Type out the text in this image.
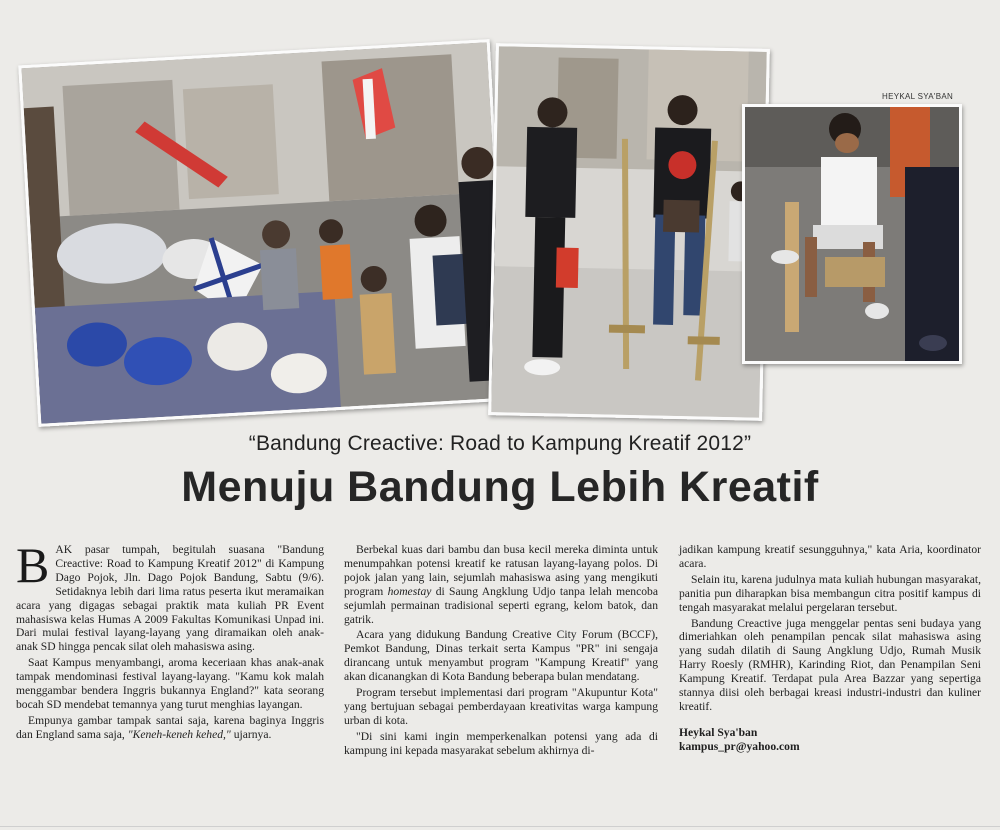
HEYKAL SYA'BAN
“Bandung Creactive: Road to Kampung Kreatif 2012”
Menuju Bandung Lebih Kreatif

BAK pasar tumpah, begitulah suasana "Bandung Creactive: Road to Kampung Kreatif 2012" di Kampung Dago Pojok, Jln. Dago Pojok Bandung, Sabtu (9/6). Setidaknya lebih dari lima ratus peserta ikut meramaikan acara yang digagas sebagai praktik mata kuliah PR Event mahasiswa kelas Humas A 2009 Fakultas Komunikasi Unpad ini. Dari mulai festival layang-layang yang diramaikan oleh anak-anak SD hingga pencak silat oleh mahasiswa asing.

Saat Kampus menyambangi, aroma keceriaan khas anak-anak tampak mendominasi festival layang-layang. "Kamu kok malah menggambar bendera Inggris bukannya England?" kata seorang bocah SD mendebat temannya yang turut menghias layangan.

Empunya gambar tampak santai saja, karena baginya Inggris dan England sama saja, "Keneh-keneh kehed," ujarnya.

Berbekal kuas dari bambu dan busa kecil mereka diminta untuk menumpahkan potensi kreatif ke ratusan layang-layang polos. Di pojok jalan yang lain, sejumlah mahasiswa asing yang mengikuti program homestay di Saung Angklung Udjo tanpa lelah mencoba sejumlah permainan tradisional seperti egrang, kelom batok, dan gatrik.

Acara yang didukung Bandung Creative City Forum (BCCF), Pemkot Bandung, Dinas terkait serta Kampus "PR" ini sengaja dirancang untuk menyambut program "Kampung Kreatif" yang akan dicanangkan di Kota Bandung beberapa bulan mendatang.

Program tersebut implementasi dari program "Akupuntur Kota" yang bertujuan sebagai pemberdayaan kreativitas warga kampung urban di kota.

"Di sini kami ingin memperkenalkan potensi yang ada di kampung ini kepada masyarakat sebelum akhirnya di-

jadikan kampung kreatif sesungguhnya," kata Aria, koordinator acara.

Selain itu, karena judulnya mata kuliah hubungan masyarakat, panitia pun diharapkan bisa membangun citra positif kampus di tengah masyarakat melalui pergelaran tersebut.

Bandung Creactive juga menggelar pentas seni budaya yang dimeriahkan oleh penampilan pencak silat mahasiswa asing yang sudah dilatih di Saung Angklung Udjo, Rumah Musik Harry Roesly (RMHR), Karinding Riot, dan Penampilan Seni Kampung Kreatif. Terdapat pula Area Bazzar yang sepertiga stannya diisi oleh berbagai kreasi industri-industri dan kuliner kreatif.

Heykal Sya'ban
kampus_pr@yahoo.com
